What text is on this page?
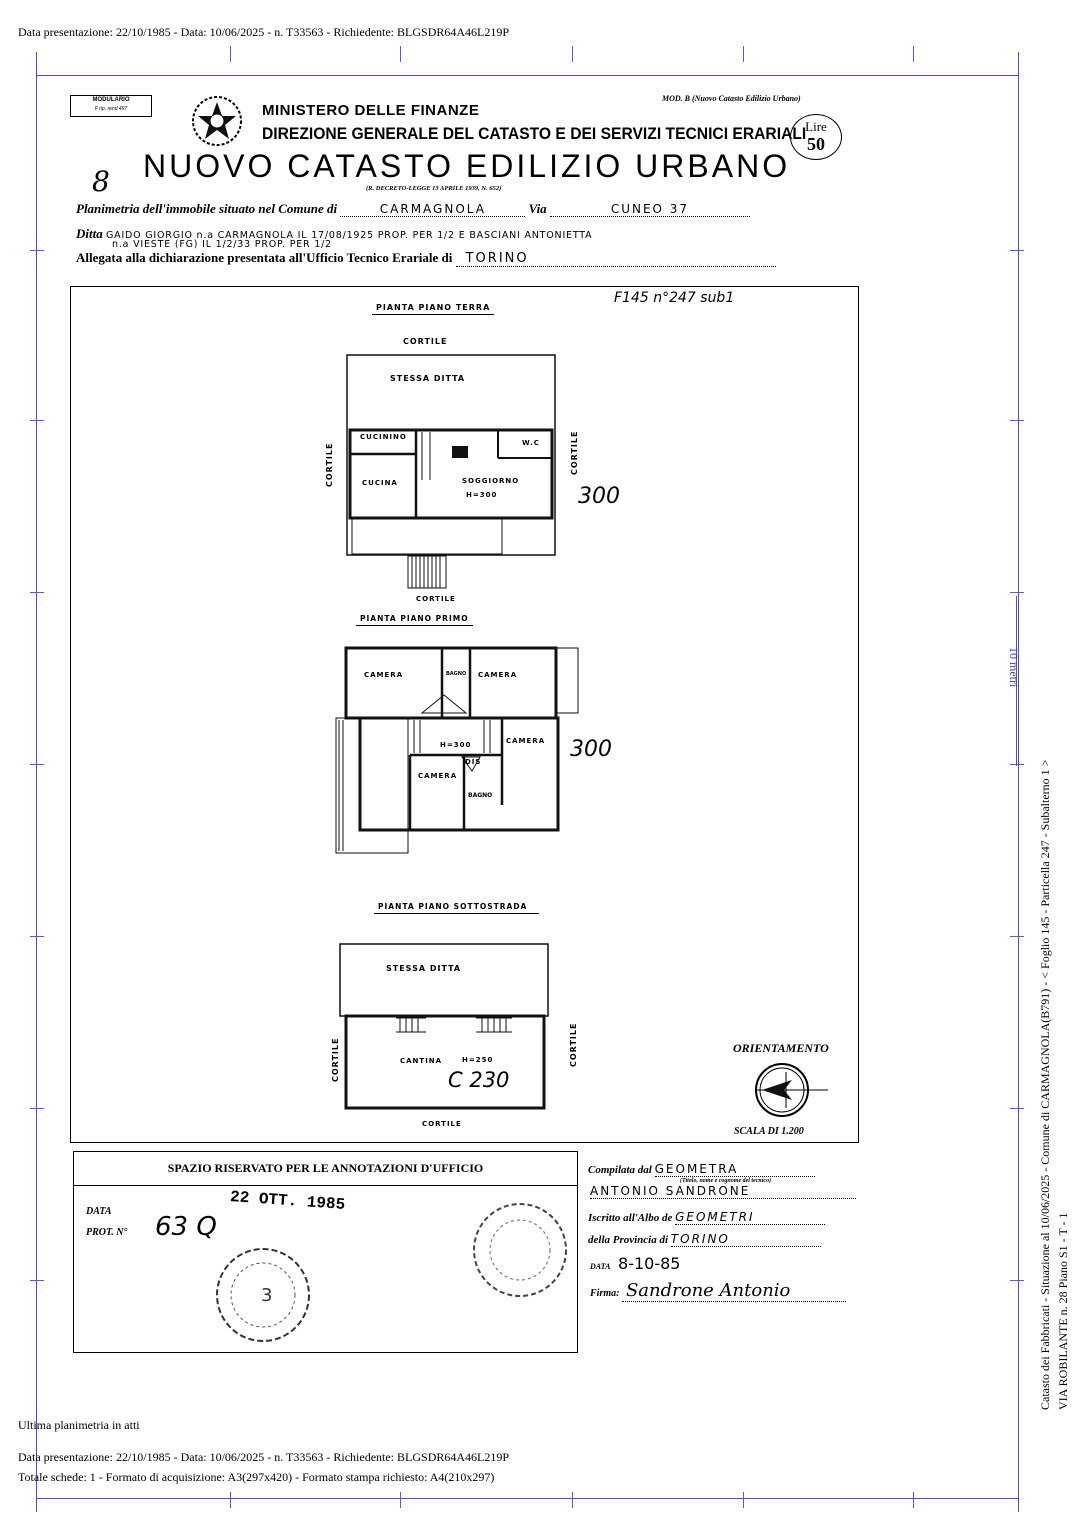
Data presentazione: 22/10/1985 - Data: 10/06/2025 - n. T33563 - Richiedente: BLGSDR64A46L219P
MODULARIO
F rip. rend 497	MINISTERO DELLE FINANZE
DIREZIONE GENERALE DEL CATASTO E DEI SERVIZI TECNICI ERARIALI
MOD. B (Nuovo Catasto Edilizio Urbano)
Lire
50
8 NUOVO CATASTO EDILIZIO URBANO
(R. DECRETO-LEGGE 13 APRILE 1939, N. 652)
Planimetria dell'immobile situato nel Comune di	CARMAGNOLA	Via	CUNEO 37
Ditta GAIDO GIORGIO n.a CARMAGNOLA IL 17/08/1925 PROP. PER 1/2 E BASCIANI ANTONIETTA
n.a VIESTE (FG) IL 1/2/33 PROP. PER 1/2
Allegata alla dichiarazione presentata all'Ufficio Tecnico Erariale di TORINO
F145 n°247 sub1
PIANTA PIANO TERRA
CORTILE
STESSA DITTA
CORTILE	CORTILE
CUCININO
W.C
CUCINA	SOGGIORNO
H=300	300
CORTILE
PIANTA PIANO PRIMO
CAMERA	BAGNO CAMERA
H=300	CAMERA
DIS
CAMERA
BAGNO
300
PIANTA PIANO SOTTOSTRADA
STESSA DITTA
CORTILE	CORTILE
CANTINA	H=250
C 230
CORTILE
ORIENTAMENTO
SCALA DI 1.200
SPAZIO RISERVATO PER LE ANNOTAZIONI D'UFFICIO
DATA
PROT. N° 63 Q
22 OTT. 1985
3
Compilata dal GEOMETRA
(Titolo, nome e cognome del tecnico)
ANTONIO SANDRONE
Iscritto all'Albo de GEOMETRI
della Provincia di TORINO
DATA 8-10-85
Firma: Sandrone Antonio
10 metri
Catasto dei Fabbricati - Situazione al 10/06/2025 - Comune di CARMAGNOLA(B791) - < Foglio 145 - Particella 247 - Subalterno 1 > VIA ROBILANTE n. 28 Piano S1 - T - 1
Ultima planimetria in atti
Data presentazione: 22/10/1985 - Data: 10/06/2025 - n. T33563 - Richiedente: BLGSDR64A46L219P
Totale schede: 1 - Formato di acquisizione: A3(297x420) - Formato stampa richiesto: A4(210x297)
